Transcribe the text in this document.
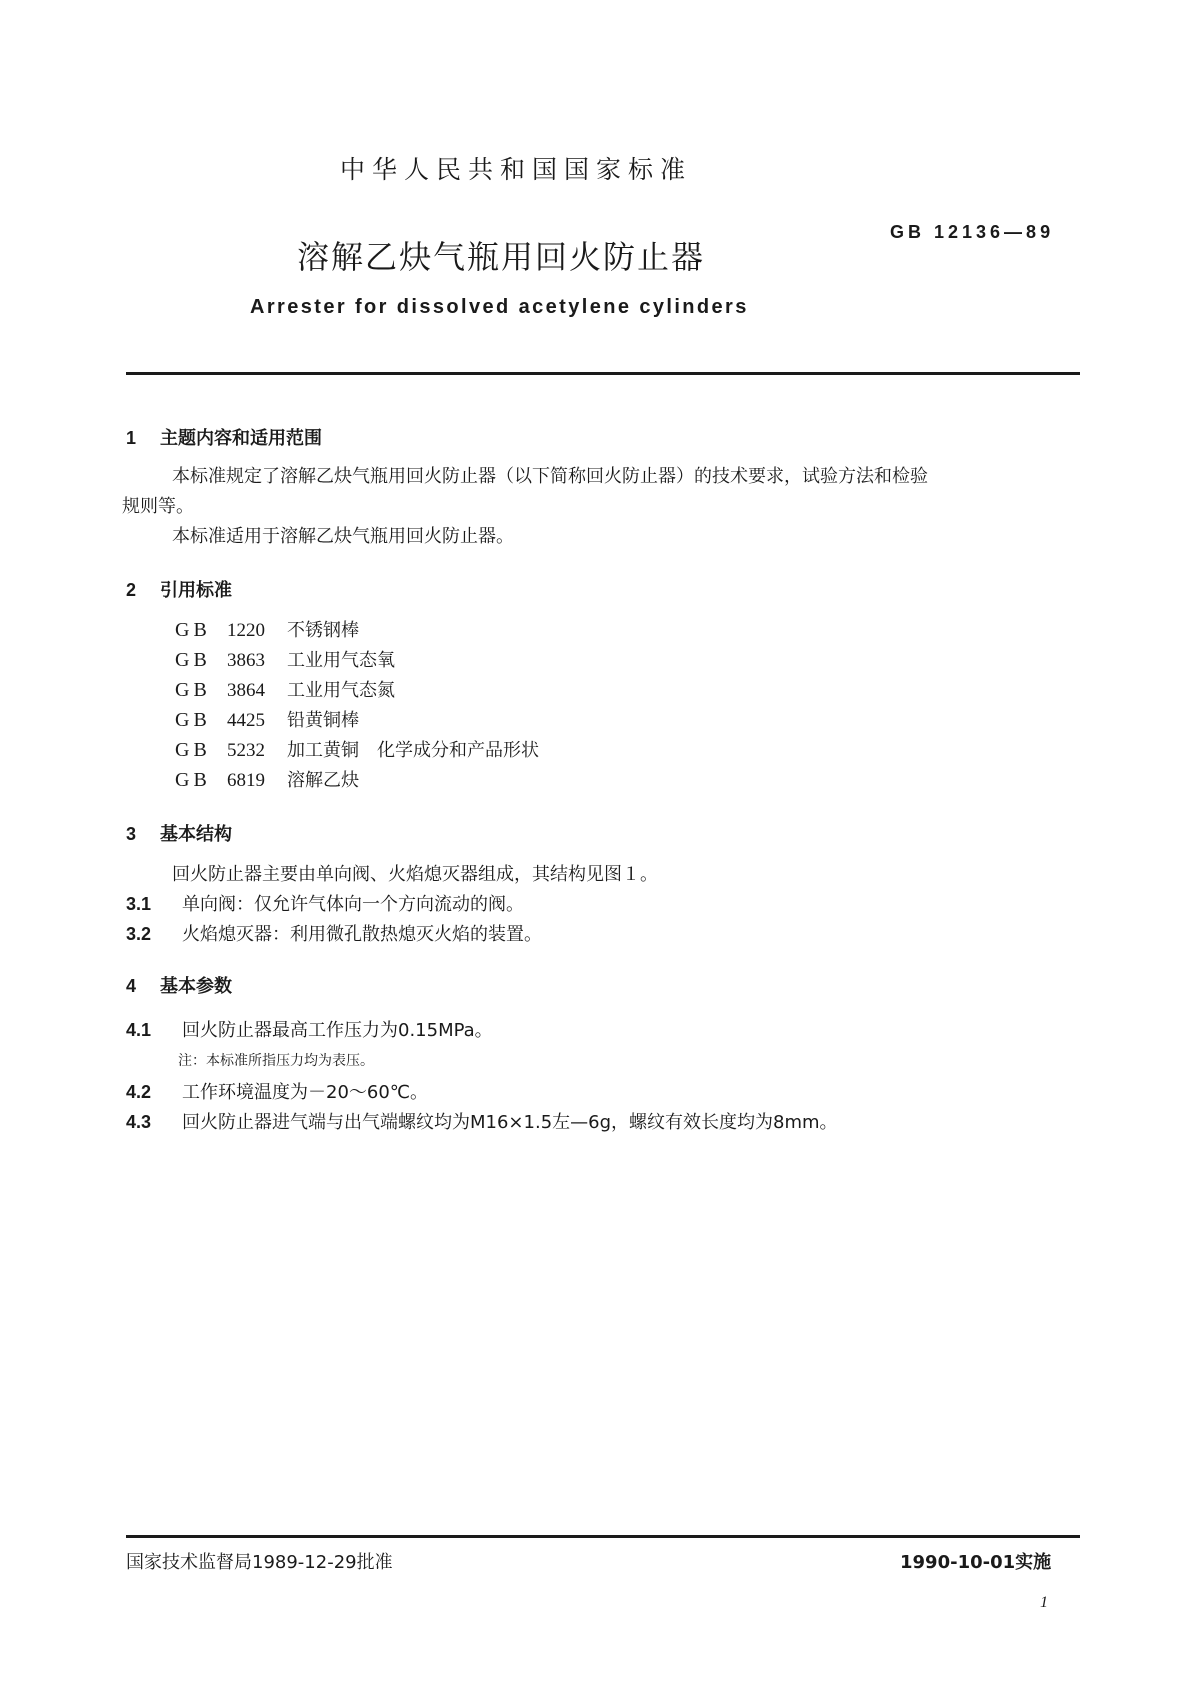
中华人民共和国国家标准
溶解乙炔气瓶用回火防止器
GB 12136—89
Arrester for dissolved acetylene cylinders
1 主题内容和适用范围
本标准规定了溶解乙炔气瓶用回火防止器（以下简称回火防止器）的技术要求，试验方法和检验
规则等。
本标准适用于溶解乙炔气瓶用回火防止器。
2 引用标准
GB 1220 不锈钢棒
GB 3863 工业用气态氧
GB 3864 工业用气态氮
GB 4425 铅黄铜棒
GB 5232 加工黄铜　化学成分和产品形状
GB 6819 溶解乙炔
3 基本结构
回火防止器主要由单向阀、火焰熄灭器组成，其结构见图１。
3.1 单向阀：仅允许气体向一个方向流动的阀。
3.2 火焰熄灭器：利用微孔散热熄灭火焰的装置。
4 基本参数
4.1 回火防止器最高工作压力为0.15MPa。
注：本标准所指压力均为表压。
4.2 工作环境温度为－20～60℃。
4.3 回火防止器进气端与出气端螺纹均为M16×1.5左—6g，螺纹有效长度均为8mm。
国家技术监督局1989-12-29批准	1990-10-01实施
1
